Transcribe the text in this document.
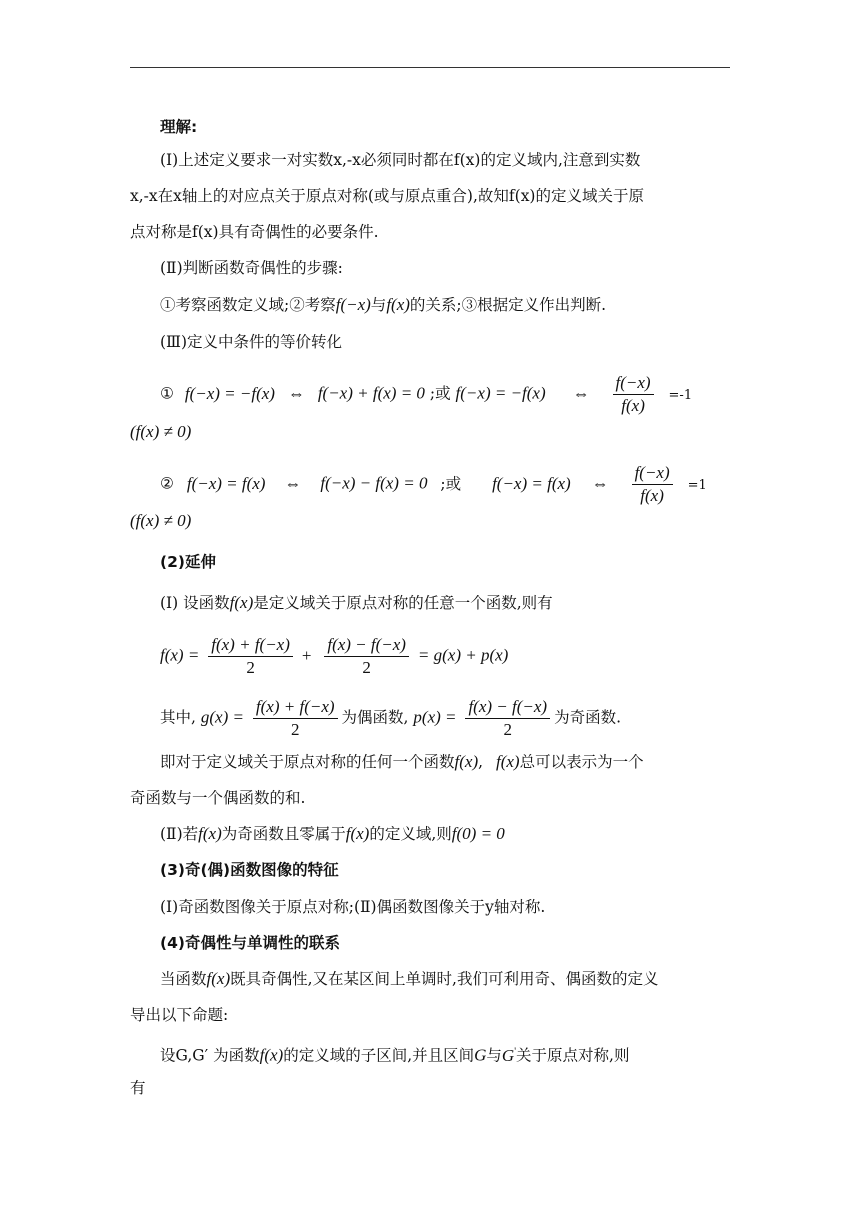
理解:
(Ⅰ)上述定义要求一对实数x,-x必须同时都在f(x)的定义域内,注意到实数
x,-x在x轴上的对应点关于原点对称(或与原点重合),故知f(x)的定义域关于原
点对称是f(x)具有奇偶性的必要条件.
(Ⅱ)判断函数奇偶性的步骤:
①考察函数定义域;②考察f(−x)与f(x)的关系;③根据定义作出判断.
(Ⅲ)定义中条件的等价转化
① f(−x) = −f(x) ⇔ f(−x) + f(x) = 0 ;或 f(−x) = −f(x) ⇔ $\frac{f(-x)}{f(x)} =-1$
(f(x) ≠ 0)
② f(−x) = f(x) ⇔ f(−x) − f(x) = 0 ;或 f(−x) = f(x) ⇔ $\frac{f(-x)}{f(x)} =1$
(f(x) ≠ 0)
(2)延伸
(Ⅰ) 设函数f(x)是定义域关于原点对称的任意一个函数,则有
$f(x) = \frac{f(x) + f(-x)}{2} + \frac{f(x) - f(-x)}{2} = g(x) + p(x)$
其中, $g(x) = \frac{f(x) + f(-x)}{2}$ 为偶函数, $p(x) = \frac{f(x) - f(-x)}{2}$ 为奇函数.
即对于定义域关于原点对称的任何一个函数f(x), f(x)总可以表示为一个
奇函数与一个偶函数的和.
(Ⅱ)若f(x)为奇函数且零属于f(x)的定义域,则f(0) = 0
(3)奇(偶)函数图像的特征
(Ⅰ)奇函数图像关于原点对称;(Ⅱ)偶函数图像关于y轴对称.
(4)奇偶性与单调性的联系
当函数f(x)既具奇偶性,又在某区间上单调时,我们可利用奇、偶函数的定义
导出以下命题:
设G,G′ 为函数f(x)的定义域的子区间,并且区间G与G'关于原点对称,则
有
